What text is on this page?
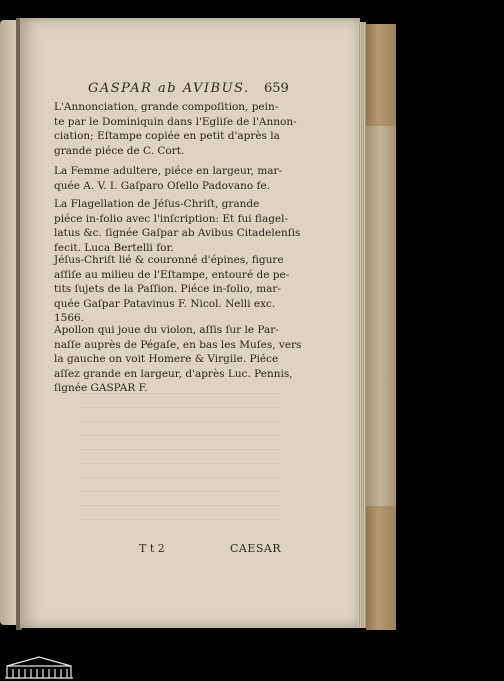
GASPAR ab AVIBUS.	659
L'Annonciation, grande compoſition, pein-
te par le Dominiquin dans l'Egliſe de l'Annon-
ciation; Eſtampe copiée en petit d'après la
grande piéce de C. Cort.
La Femme adultere, piéce en largeur, mar-
quée A. V. I. Gaſparo Oſello Padovano fe.
La Flagellation de Jéſus-Chriſt, grande
piéce in-folio avec l'inſcription: Et fui flagel-
latus &c. ſignée Gaſpar ab Avibus Citadelenſis
fecit. Luca Bertelli for.
Jéſus-Chriſt lié & couronné d'épines, figure
aſſiſe au milieu de l'Eſtampe, entouré de pe-
tits ſujets de la Paſſion. Piéce in-folio, mar-
quée Gaſpar Patavinus F. Nicol. Nelli exc.
1566.
Apollon qui joue du violon, aſſis ſur le Par-
naſſe auprès de Pégaſe, en bas les Muſes, vers
la gauche on voit Homere & Virgile. Piéce
aſſez grande en largeur, d'après Luc. Pennis,
ſignée GASPAR F.
T t 2	CAESAR
